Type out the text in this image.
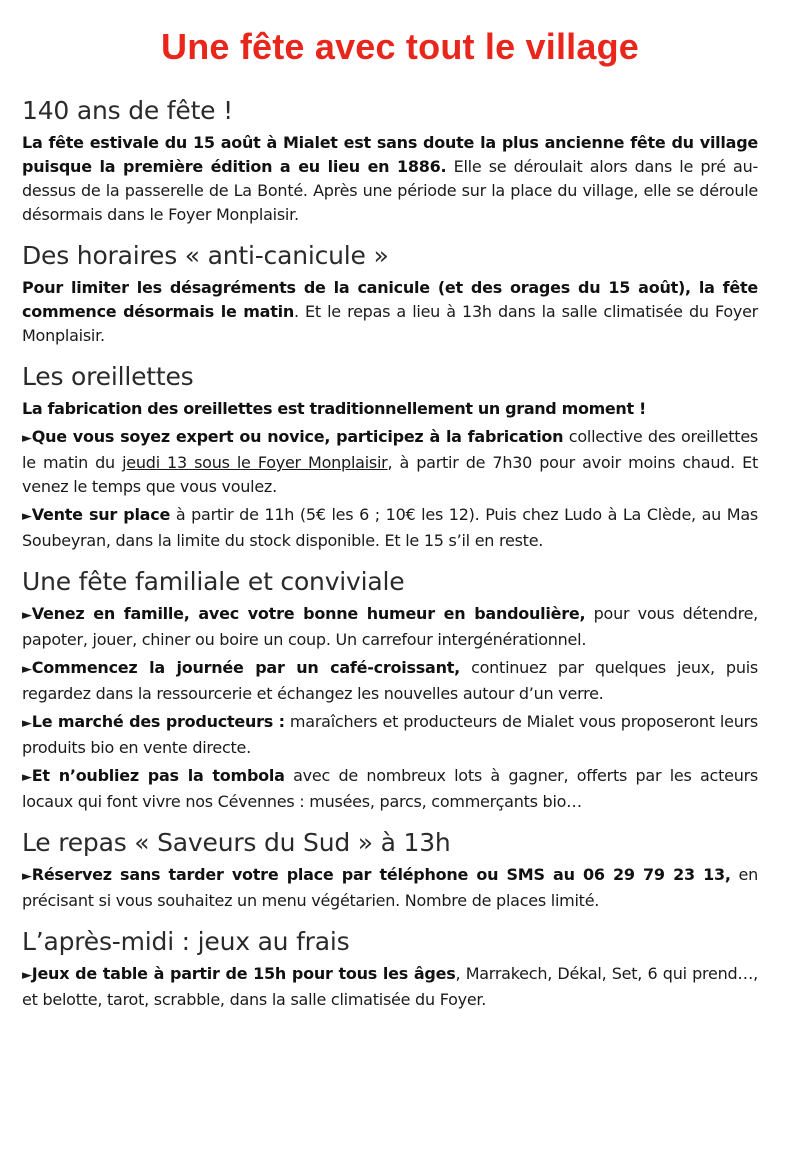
Une fête avec tout le village
140 ans de fête !
La fête estivale du 15 août à Mialet est sans doute la plus ancienne fête du village puisque la première édition a eu lieu en 1886. Elle se déroulait alors dans le pré au-dessus de la passerelle de La Bonté. Après une période sur la place du village, elle se déroule désormais dans le Foyer Monplaisir.
Des horaires « anti-canicule »
Pour limiter les désagréments de la canicule (et des orages du 15 août), la fête commence désormais le matin. Et le repas a lieu à 13h dans la salle climatisée du Foyer Monplaisir.
Les oreillettes
La fabrication des oreillettes est traditionnellement un grand moment !
►Que vous soyez expert ou novice, participez à la fabrication collective des oreillettes le matin du jeudi 13 sous le Foyer Monplaisir, à partir de 7h30 pour avoir moins chaud. Et venez le temps que vous voulez.
►Vente sur place à partir de 11h (5€ les 6 ; 10€ les 12). Puis chez Ludo à La Clède, au Mas Soubeyran, dans la limite du stock disponible. Et le 15 s’il en reste.
Une fête familiale et conviviale
►Venez en famille, avec votre bonne humeur en bandoulière, pour vous détendre, papoter, jouer, chiner ou boire un coup. Un carrefour intergénérationnel.
►Commencez la journée par un café-croissant, continuez par quelques jeux, puis regardez dans la ressourcerie et échangez les nouvelles autour d’un verre.
►Le marché des producteurs : maraîchers et producteurs de Mialet vous proposeront leurs produits bio en vente directe.
►Et n’oubliez pas la tombola avec de nombreux lots à gagner, offerts par les acteurs locaux qui font vivre nos Cévennes : musées, parcs, commerçants bio…
Le repas « Saveurs du Sud » à 13h
►Réservez sans tarder votre place par téléphone ou SMS au 06 29 79 23 13, en précisant si vous souhaitez un menu végétarien. Nombre de places limité.
L’après-midi : jeux au frais
►Jeux de table à partir de 15h pour tous les âges, Marrakech, Dékal, Set, 6 qui prend…, et belotte, tarot, scrabble, dans la salle climatisée du Foyer.
